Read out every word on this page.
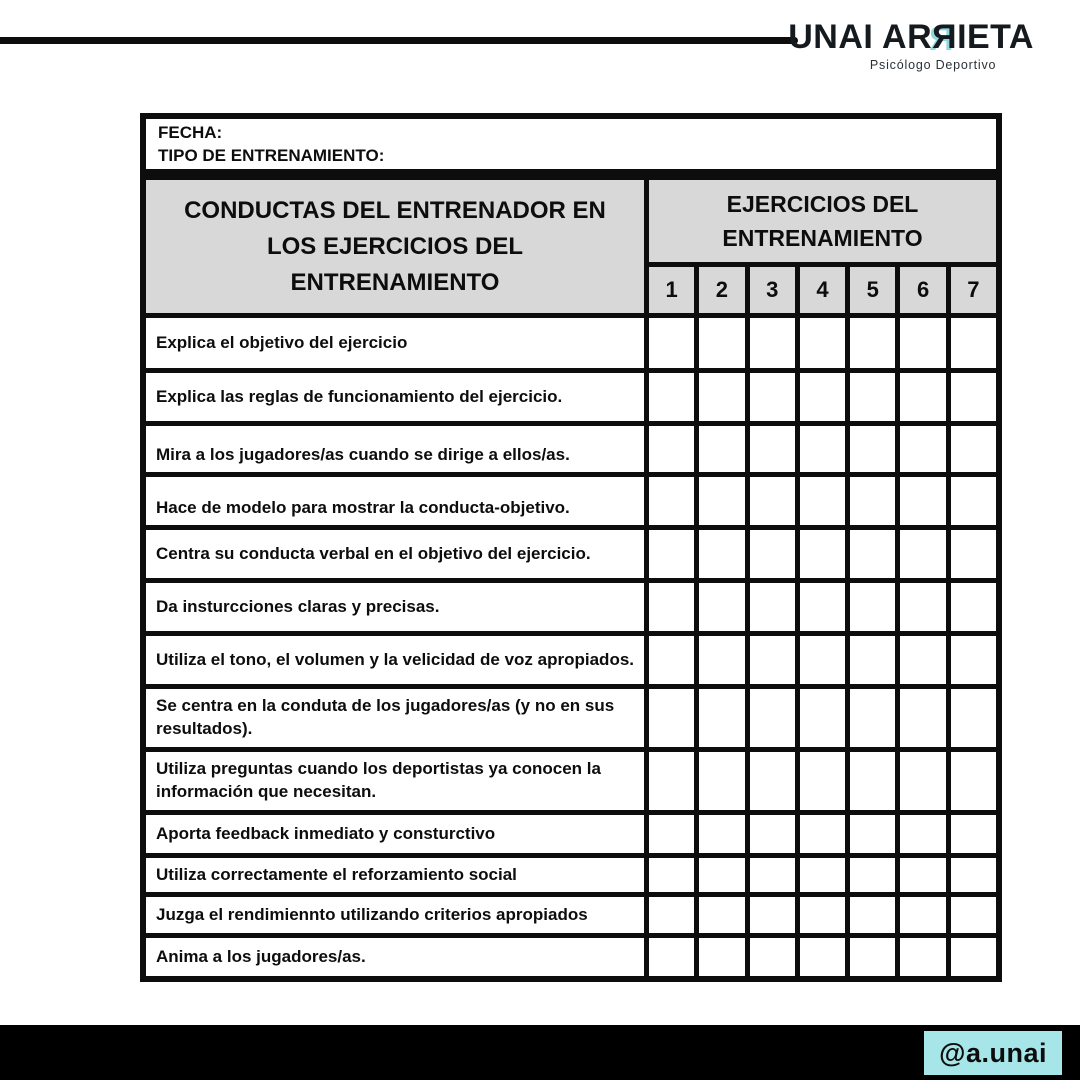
UNAI ARЯIETA
Psicólogo Deportivo
FECHA:
TIPO DE ENTRENAMIENTO:
CONDUCTAS DEL ENTRENADOR EN
LOS EJERCICIOS DEL
ENTRENAMIENTO
EJERCICIOS DEL
ENTRENAMIENTO
1	2	3	4	5	6	7
Explica el objetivo del ejercicio
Explica las reglas de funcionamiento del ejercicio.
Mira a los jugadores/as cuando se dirige a ellos/as.
Hace de modelo para mostrar la conducta-objetivo.
Centra su conducta verbal en el objetivo del ejercicio.
Da insturcciones claras y precisas.
Utiliza el tono, el volumen y la velicidad de voz apropiados.
Se centra en la conduta de los jugadores/as (y no en sus resultados).
Utiliza preguntas cuando los deportistas ya conocen la información que necesitan.
Aporta feedback inmediato y consturctivo
Utiliza correctamente el reforzamiento social
Juzga el rendimiennto utilizando criterios apropiados
Anima a los jugadores/as.
@a.unai
